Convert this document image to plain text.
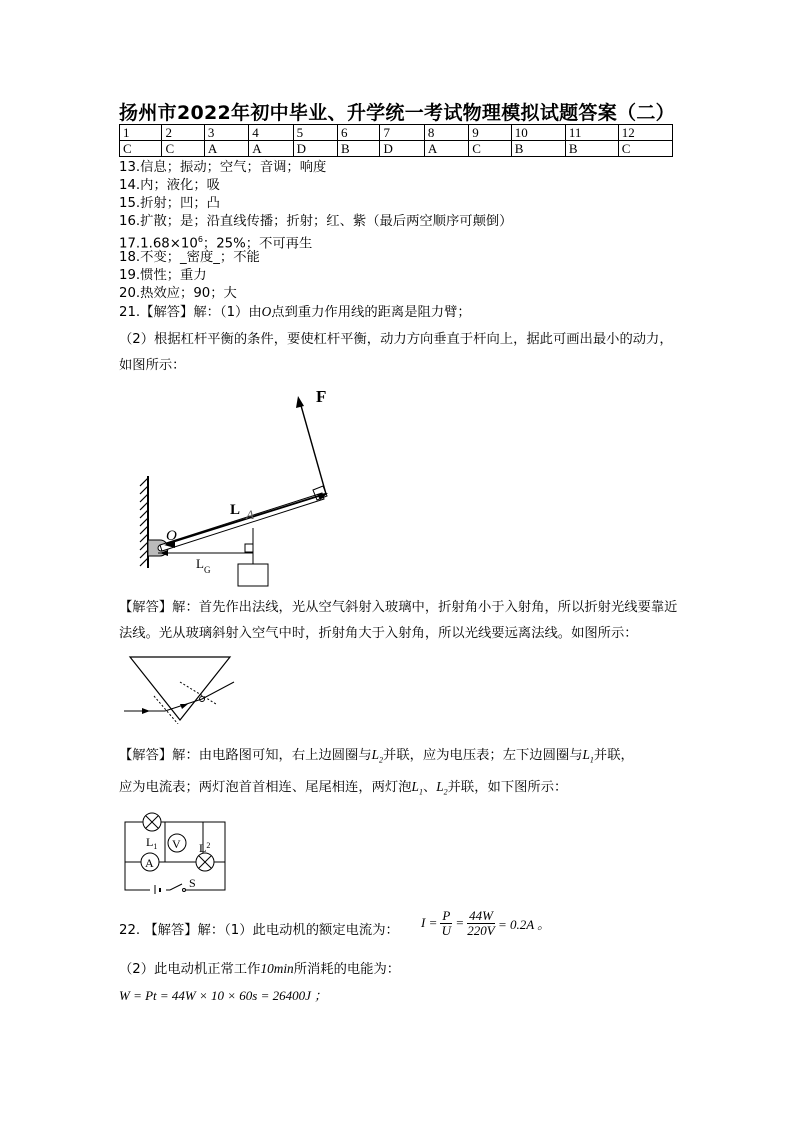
扬州市2022年初中毕业、升学统一考试物理模拟试题答案（二）
1	2	3	4	5	6	7	8	9	10	11	12
C	C	A	A	D	B	D	A	C	B	B	C
13.信息；振动；空气；音调；响度
14.内；液化；吸
15.折射；凹；凸
16.扩散；是；沿直线传播；折射；红、紫（最后两空顺序可颠倒）
$17.1.68\times 10^6$；25%；不可再生
18.不变；_密度_；不能
19.惯性；重力
20.热效应；90；大
21.【解答】解：（1）由O点到重力作用线的距离是阻力臂；
（2）根据杠杆平衡的条件，要使杠杆平衡，动力方向垂直于杆向上，据此可画出最小的动力，如图所示：
F
L A
O
L G
【解答】解：首先作出法线，光从空气斜射入玻璃中，折射角小于入射角，所以折射光线要靠近法线。光从玻璃斜射入空气中时，折射角大于入射角，所以光线要远离法线。如图所示：
【解答】解：由电路图可知，右上边圆圈与$L_2$并联，应为电压表；左下边圆圈与$L_1$并联，
应为电流表；两灯泡首首相连、尾尾相连，两灯泡$L_1$、$L_2$并联，如下图所示：
V
A
$L_1$	$L^2$
S
22. 【解答】解：（1）此电动机的额定电流为：
$I = \frac{P}{U} = \frac{44W}{220V} = 0.2A$ 。
（2）此电动机正常工作10min所消耗的电能为：
W = Pt = 44W × 10 × 60s = 26400J ；
